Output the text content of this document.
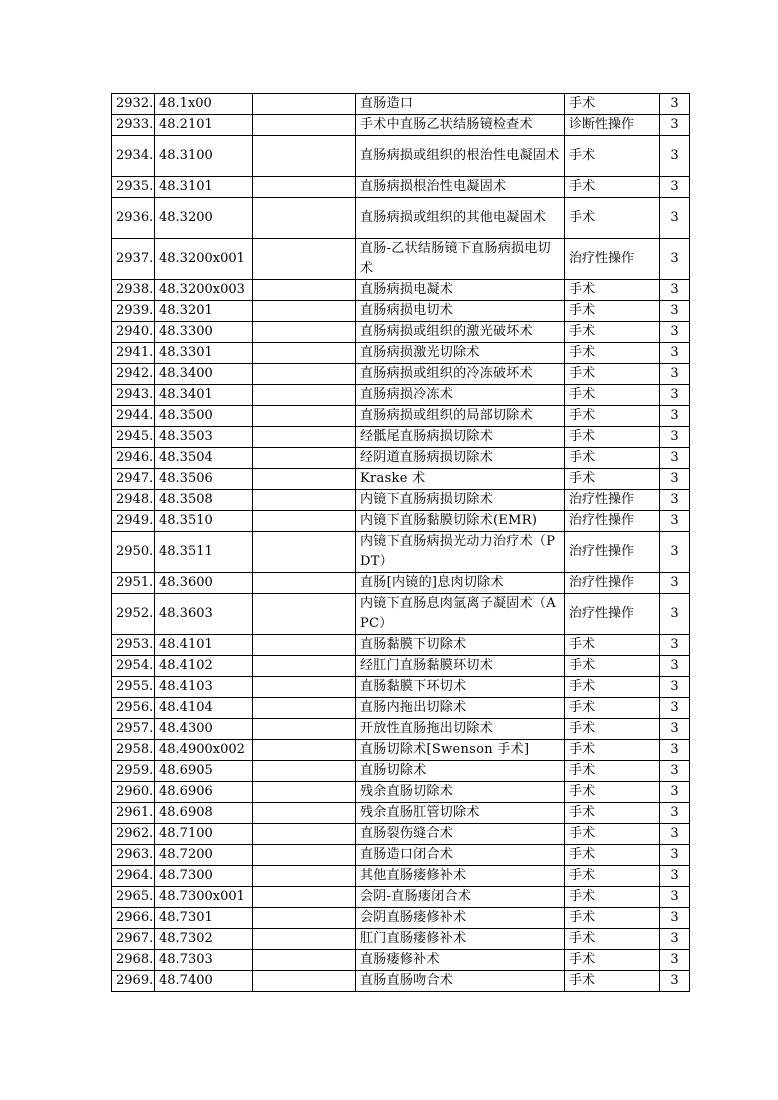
2932.	48.1x00		直肠造口	手术	3
2933.	48.2101		手术中直肠乙状结肠镜检查术	诊断性操作	3
2934.	48.3100		直肠病损或组织的根治性电凝固术	手术	3
2935.	48.3101		直肠病损根治性电凝固术	手术	3
2936.	48.3200		直肠病损或组织的其他电凝固术	手术	3
2937.	48.3200x001		直肠-乙状结肠镜下直肠病损电切术	治疗性操作	3
2938.	48.3200x003		直肠病损电凝术	手术	3
2939.	48.3201		直肠病损电切术	手术	3
2940.	48.3300		直肠病损或组织的激光破坏术	手术	3
2941.	48.3301		直肠病损激光切除术	手术	3
2942.	48.3400		直肠病损或组织的冷冻破坏术	手术	3
2943.	48.3401		直肠病损冷冻术	手术	3
2944.	48.3500		直肠病损或组织的局部切除术	手术	3
2945.	48.3503		经骶尾直肠病损切除术	手术	3
2946.	48.3504		经阴道直肠病损切除术	手术	3
2947.	48.3506		Kraske 术	手术	3
2948.	48.3508		内镜下直肠病损切除术	治疗性操作	3
2949.	48.3510		内镜下直肠黏膜切除术(EMR)	治疗性操作	3
2950.	48.3511		内镜下直肠病损光动力治疗术（PDT）	治疗性操作	3
2951.	48.3600		直肠[内镜的]息肉切除术	治疗性操作	3
2952.	48.3603		内镜下直肠息肉氩离子凝固术（APC）	治疗性操作	3
2953.	48.4101		直肠黏膜下切除术	手术	3
2954.	48.4102		经肛门直肠黏膜环切术	手术	3
2955.	48.4103		直肠黏膜下环切术	手术	3
2956.	48.4104		直肠内拖出切除术	手术	3
2957.	48.4300		开放性直肠拖出切除术	手术	3
2958.	48.4900x002		直肠切除术[Swenson 手术]	手术	3
2959.	48.6905		直肠切除术	手术	3
2960.	48.6906		残余直肠切除术	手术	3
2961.	48.6908		残余直肠肛管切除术	手术	3
2962.	48.7100		直肠裂伤缝合术	手术	3
2963.	48.7200		直肠造口闭合术	手术	3
2964.	48.7300		其他直肠瘘修补术	手术	3
2965.	48.7300x001		会阴-直肠瘘闭合术	手术	3
2966.	48.7301		会阴直肠瘘修补术	手术	3
2967.	48.7302		肛门直肠瘘修补术	手术	3
2968.	48.7303		直肠瘘修补术	手术	3
2969.	48.7400		直肠直肠吻合术	手术	3
